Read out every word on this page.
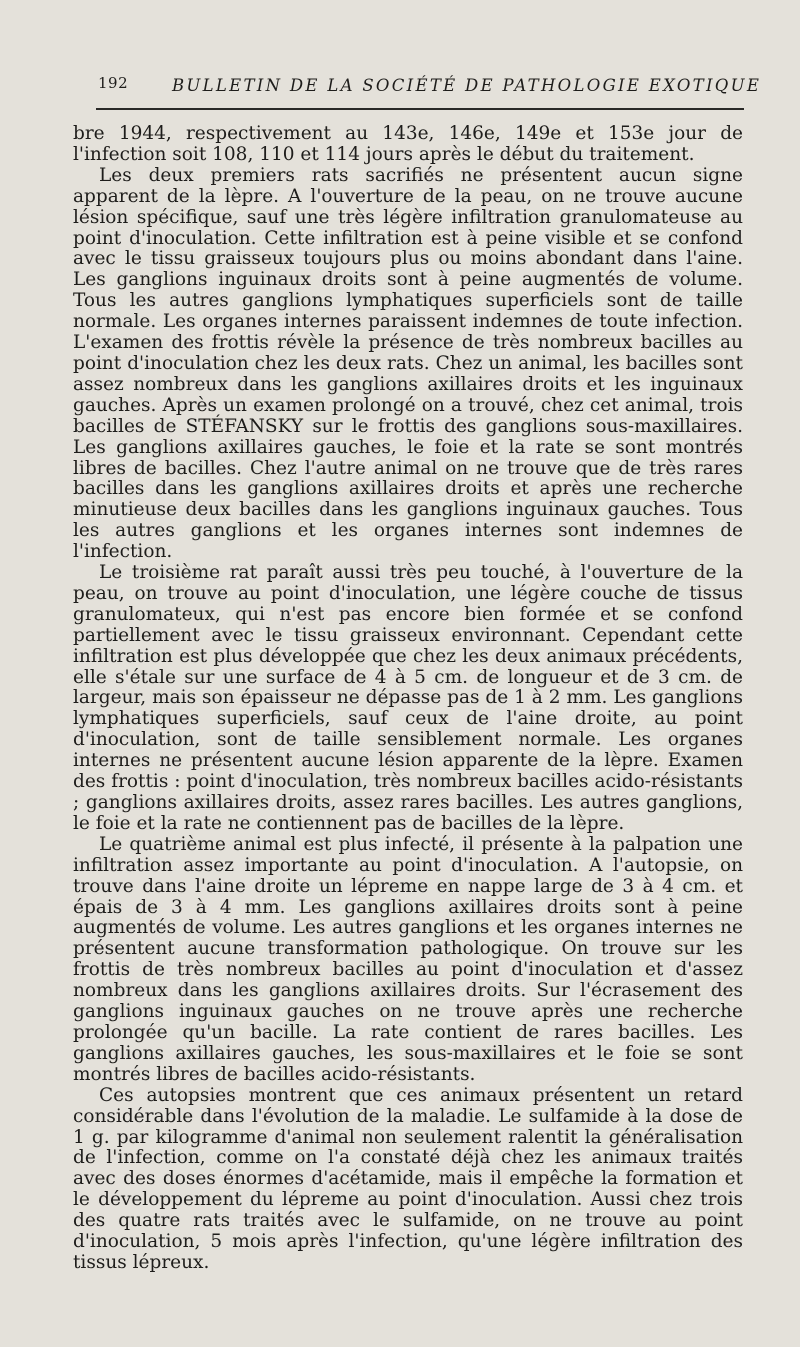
192	BULLETIN DE LA SOCIÉTÉ DE PATHOLOGIE EXOTIQUE

bre 1944, respectivement au 143e, 146e, 149e et 153e jour de l'infection soit 108, 110 et 114 jours après le début du traitement.

Les deux premiers rats sacrifiés ne présentent aucun signe apparent de la lèpre. A l'ouverture de la peau, on ne trouve aucune lésion spécifique, sauf une très légère infiltration granulomateuse au point d'inoculation. Cette infiltration est à peine visible et se confond avec le tissu graisseux toujours plus ou moins abondant dans l'aine. Les ganglions inguinaux droits sont à peine augmentés de volume. Tous les autres ganglions lymphatiques superficiels sont de taille normale. Les organes internes paraissent indemnes de toute infection. L'examen des frottis révèle la présence de très nombreux bacilles au point d'inoculation chez les deux rats. Chez un animal, les bacilles sont assez nombreux dans les ganglions axillaires droits et les inguinaux gauches. Après un examen prolongé on a trouvé, chez cet animal, trois bacilles de STÉFANSKY sur le frottis des ganglions sous-maxillaires. Les ganglions axillaires gauches, le foie et la rate se sont montrés libres de bacilles. Chez l'autre animal on ne trouve que de très rares bacilles dans les ganglions axillaires droits et après une recherche minutieuse deux bacilles dans les ganglions inguinaux gauches. Tous les autres ganglions et les organes internes sont indemnes de l'infection.

Le troisième rat paraît aussi très peu touché, à l'ouverture de la peau, on trouve au point d'inoculation, une légère couche de tissus granulomateux, qui n'est pas encore bien formée et se confond partiellement avec le tissu graisseux environnant. Cependant cette infiltration est plus développée que chez les deux animaux précédents, elle s'étale sur une surface de 4 à 5 cm. de longueur et de 3 cm. de largeur, mais son épaisseur ne dépasse pas de 1 à 2 mm. Les ganglions lymphatiques superficiels, sauf ceux de l'aine droite, au point d'inoculation, sont de taille sensiblement normale. Les organes internes ne présentent aucune lésion apparente de la lèpre. Examen des frottis : point d'inoculation, très nombreux bacilles acido-résistants ; ganglions axillaires droits, assez rares bacilles. Les autres ganglions, le foie et la rate ne contiennent pas de bacilles de la lèpre.

Le quatrième animal est plus infecté, il présente à la palpation une infiltration assez importante au point d'inoculation. A l'autopsie, on trouve dans l'aine droite un lépreme en nappe large de 3 à 4 cm. et épais de 3 à 4 mm. Les ganglions axillaires droits sont à peine augmentés de volume. Les autres ganglions et les organes internes ne présentent aucune transformation pathologique. On trouve sur les frottis de très nombreux bacilles au point d'inoculation et d'assez nombreux dans les ganglions axillaires droits. Sur l'écrasement des ganglions inguinaux gauches on ne trouve après une recherche prolongée qu'un bacille. La rate contient de rares bacilles. Les ganglions axillaires gauches, les sous-maxillaires et le foie se sont montrés libres de bacilles acido-résistants.

Ces autopsies montrent que ces animaux présentent un retard considérable dans l'évolution de la maladie. Le sulfamide à la dose de 1 g. par kilogramme d'animal non seulement ralentit la généralisation de l'infection, comme on l'a constaté déjà chez les animaux traités avec des doses énormes d'acétamide, mais il empêche la formation et le développement du lépreme au point d'inoculation. Aussi chez trois des quatre rats traités avec le sulfamide, on ne trouve au point d'inoculation, 5 mois après l'infection, qu'une légère infiltration des tissus lépreux.
